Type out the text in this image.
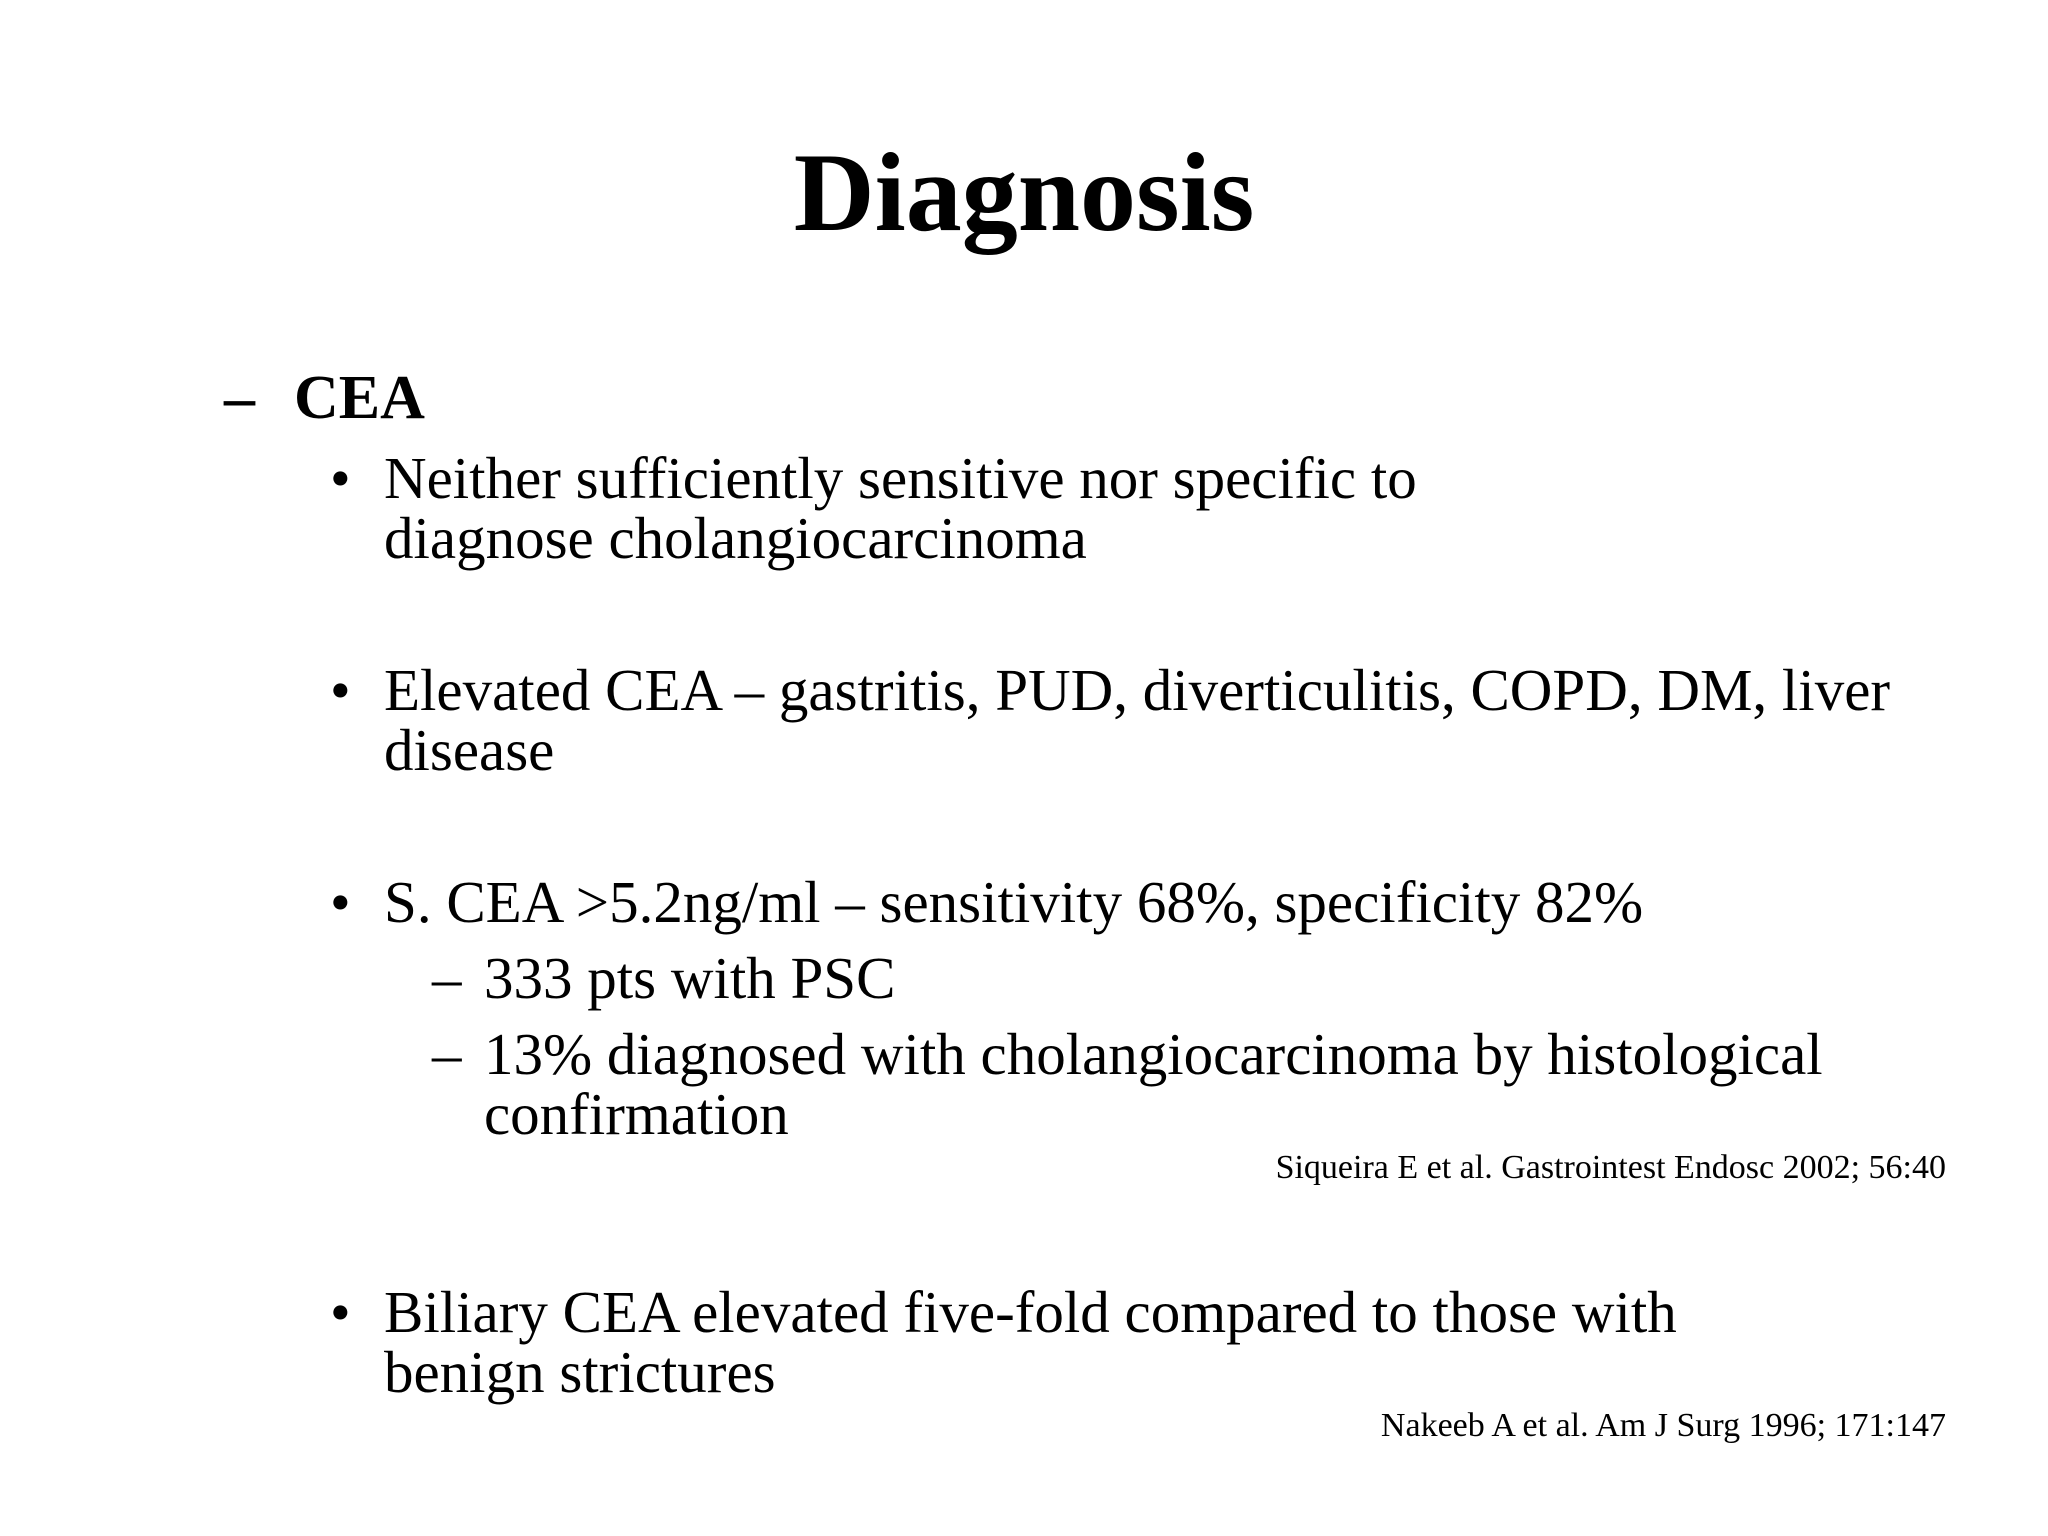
Diagnosis
– CEA
• Neither sufficiently sensitive nor specific to diagnose cholangiocarcinoma
• Elevated CEA – gastritis, PUD, diverticulitis, COPD, DM, liver disease
• S. CEA >5.2ng/ml – sensitivity 68%, specificity 82%
– 333 pts with PSC
– 13% diagnosed with cholangiocarcinoma by histological confirmation
Siqueira E et al. Gastrointest Endosc 2002; 56:40
• Biliary CEA elevated five-fold compared to those with benign strictures
Nakeeb A et al. Am J Surg 1996; 171:147
